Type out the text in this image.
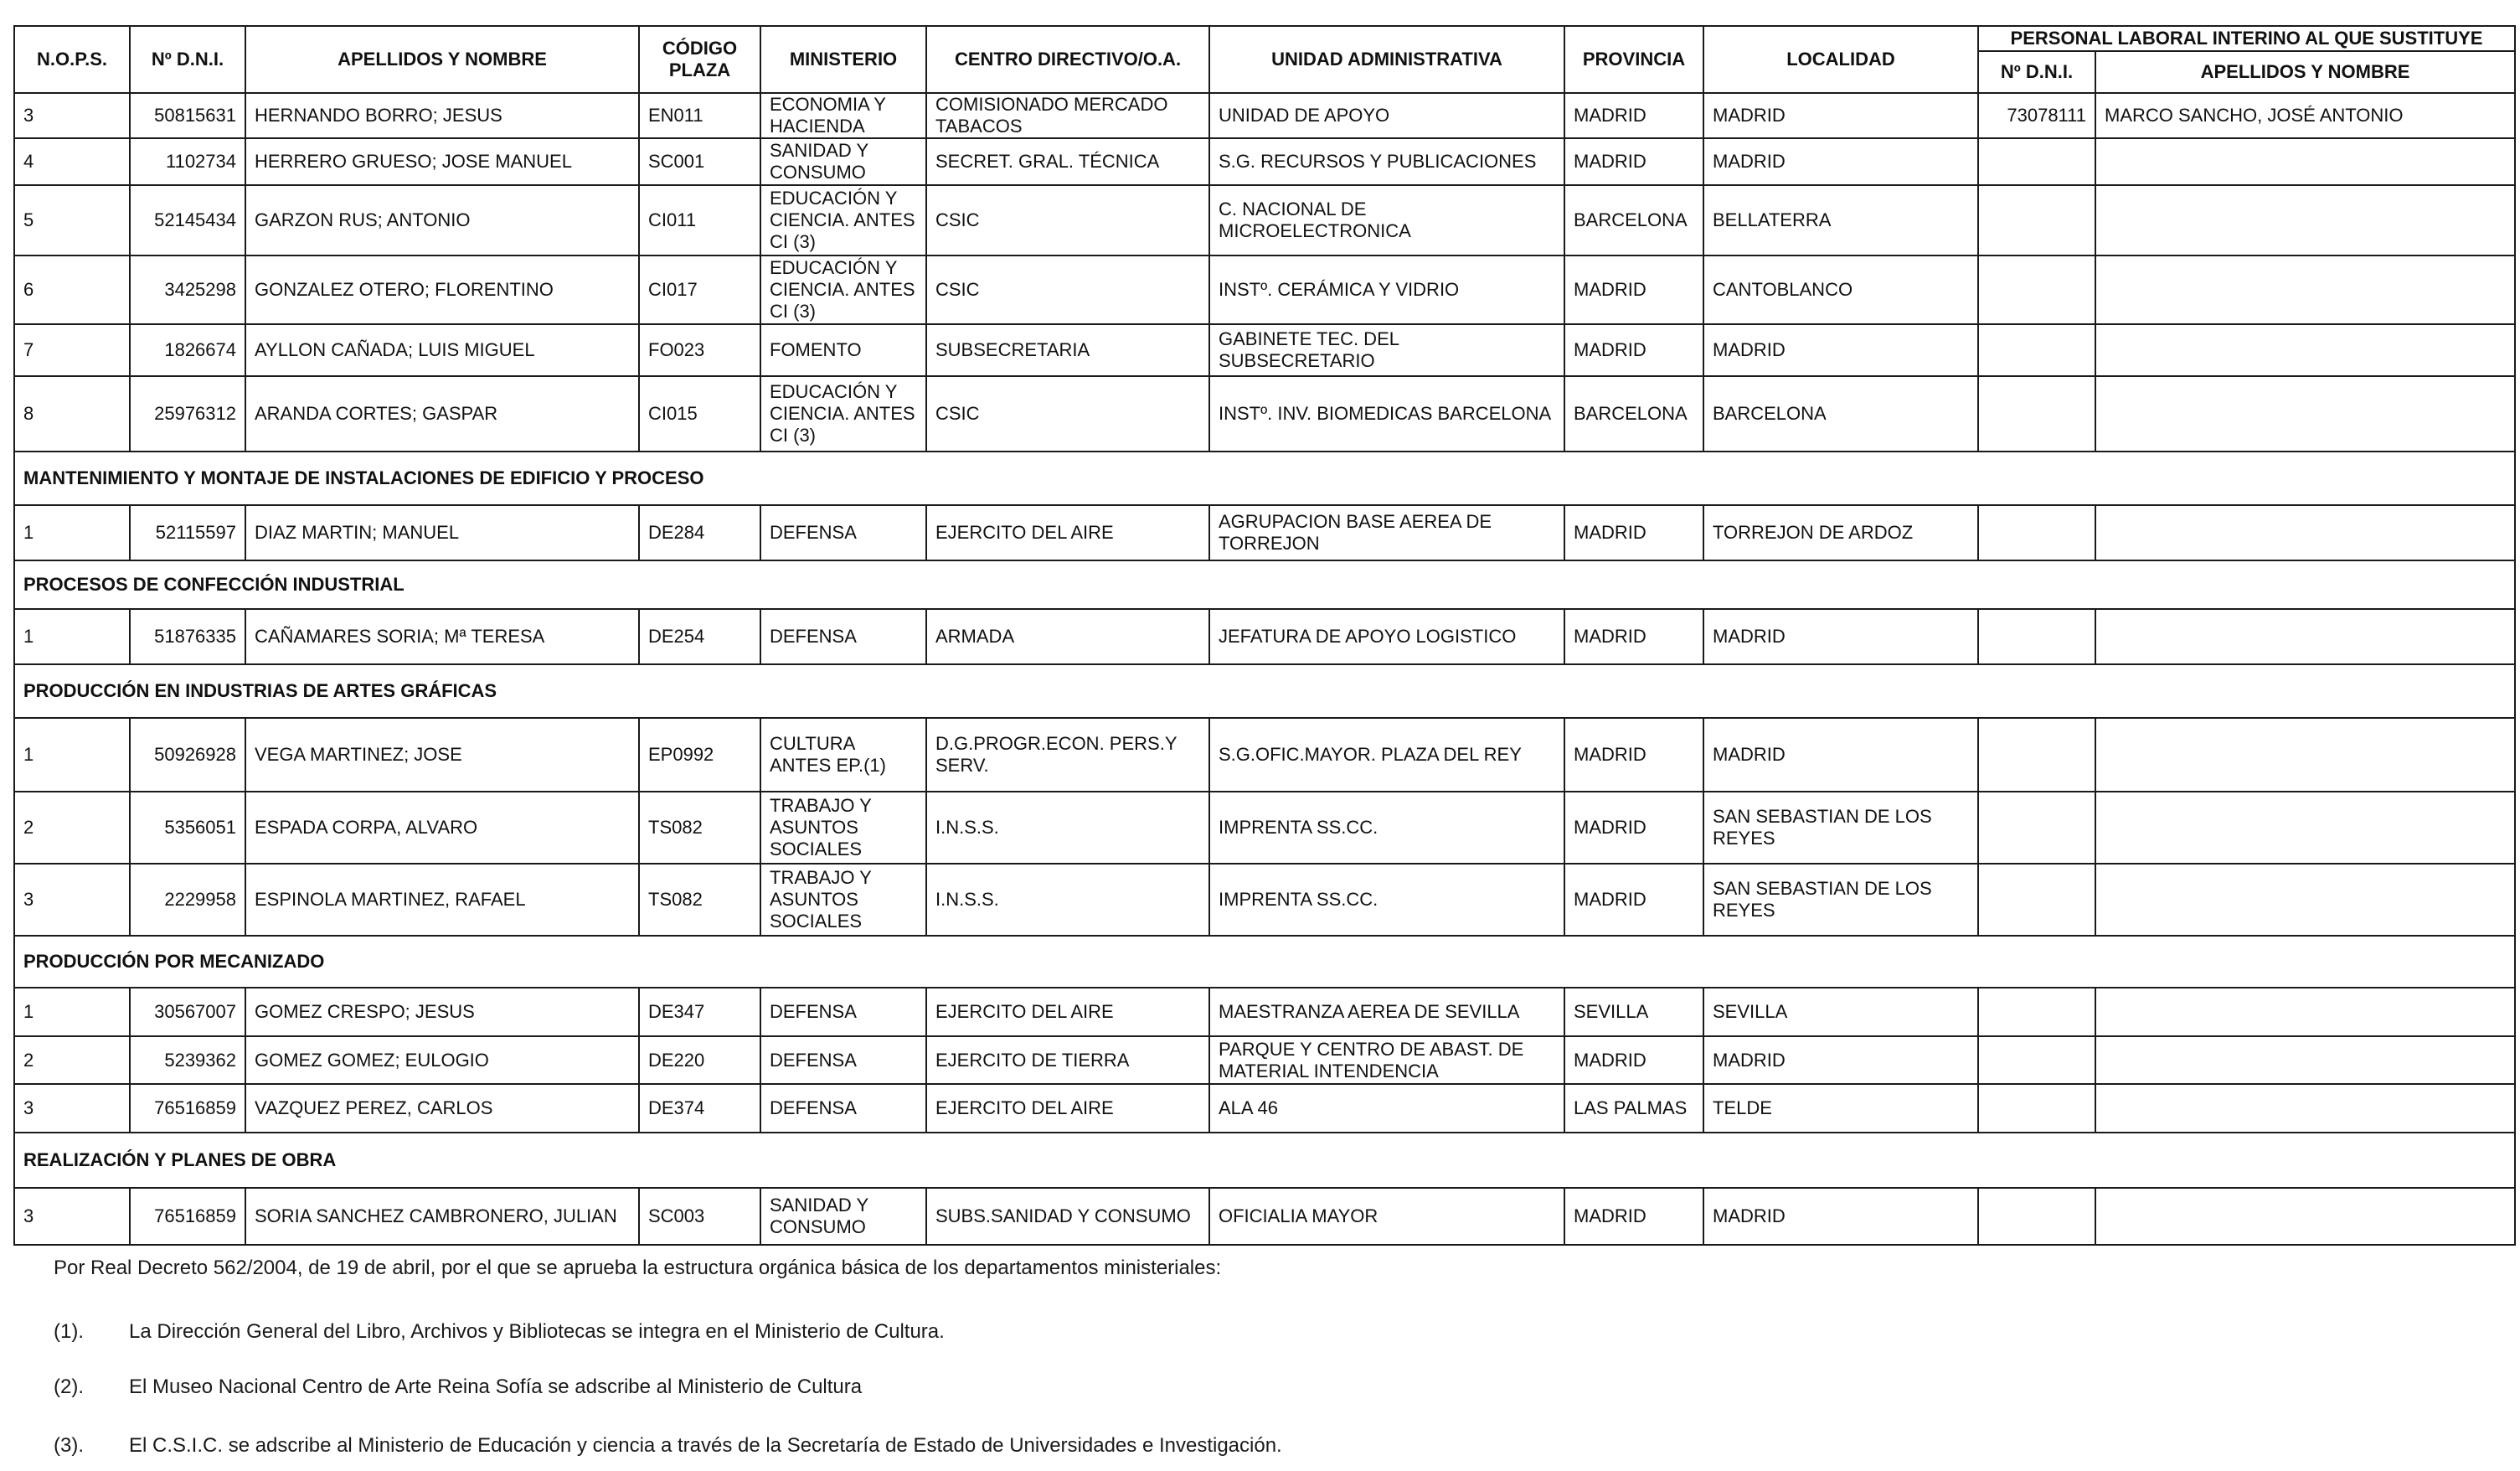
N.O.P.S.	Nº D.N.I.	APELLIDOS Y NOMBRE	CÓDIGO PLAZA	MINISTERIO	CENTRO DIRECTIVO/O.A.	UNIDAD ADMINISTRATIVA	PROVINCIA	LOCALIDAD	PERSONAL LABORAL INTERINO AL QUE SUSTITUYE	
									Nº D.N.I.	APELLIDOS Y NOMBRE
3	50815631	HERNANDO BORRO; JESUS	EN011	ECONOMIA Y HACIENDA	COMISIONADO MERCADO TABACOS	UNIDAD DE APOYO	MADRID	MADRID	73078111	MARCO SANCHO, JOSÉ ANTONIO
4	1102734	HERRERO GRUESO; JOSE MANUEL	SC001	SANIDAD Y CONSUMO	SECRET. GRAL. TÉCNICA	S.G. RECURSOS Y PUBLICACIONES	MADRID	MADRID		
5	52145434	GARZON RUS; ANTONIO	CI011	EDUCACIÓN Y CIENCIA. ANTES CI (3)	CSIC	C. NACIONAL DE MICROELECTRONICA	BARCELONA	BELLATERRA		
6	3425298	GONZALEZ OTERO; FLORENTINO	CI017	EDUCACIÓN Y CIENCIA. ANTES CI (3)	CSIC	INSTº. CERÁMICA Y VIDRIO	MADRID	CANTOBLANCO		
7	1826674	AYLLON CAÑADA; LUIS MIGUEL	FO023	FOMENTO	SUBSECRETARIA	GABINETE TEC. DEL SUBSECRETARIO	MADRID	MADRID		
8	25976312	ARANDA CORTES; GASPAR	CI015	EDUCACIÓN Y CIENCIA. ANTES CI (3)	CSIC	INSTº. INV. BIOMEDICAS BARCELONA	BARCELONA	BARCELONA		
MANTENIMIENTO Y MONTAJE DE INSTALACIONES DE EDIFICIO Y PROCESO										
1	52115597	DIAZ MARTIN; MANUEL	DE284	DEFENSA	EJERCITO DEL AIRE	AGRUPACION BASE AEREA DE TORREJON	MADRID	TORREJON DE ARDOZ		
PROCESOS DE CONFECCIÓN INDUSTRIAL										
1	51876335	CAÑAMARES SORIA; Mª TERESA	DE254	DEFENSA	ARMADA	JEFATURA DE APOYO LOGISTICO	MADRID	MADRID		
PRODUCCIÓN EN INDUSTRIAS DE ARTES GRÁFICAS										
1	50926928	VEGA MARTINEZ; JOSE	EP0992	CULTURA ANTES EP.(1)	D.G.PROGR.ECON. PERS.Y SERV.	S.G.OFIC.MAYOR. PLAZA DEL REY	MADRID	MADRID		
2	5356051	ESPADA CORPA, ALVARO	TS082	TRABAJO Y ASUNTOS SOCIALES	I.N.S.S.	IMPRENTA SS.CC.	MADRID	SAN SEBASTIAN DE LOS REYES		
3	2229958	ESPINOLA MARTINEZ, RAFAEL	TS082	TRABAJO Y ASUNTOS SOCIALES	I.N.S.S.	IMPRENTA SS.CC.	MADRID	SAN SEBASTIAN DE LOS REYES		
PRODUCCIÓN POR MECANIZADO										
1	30567007	GOMEZ CRESPO; JESUS	DE347	DEFENSA	EJERCITO DEL AIRE	MAESTRANZA AEREA DE SEVILLA	SEVILLA	SEVILLA		
2	5239362	GOMEZ GOMEZ; EULOGIO	DE220	DEFENSA	EJERCITO DE TIERRA	PARQUE Y CENTRO DE ABAST. DE MATERIAL INTENDENCIA	MADRID	MADRID		
3	76516859	VAZQUEZ PEREZ, CARLOS	DE374	DEFENSA	EJERCITO DEL AIRE	ALA 46	LAS PALMAS	TELDE		
REALIZACIÓN Y PLANES DE OBRA										
3	76516859	SORIA SANCHEZ CAMBRONERO, JULIAN	SC003	SANIDAD Y CONSUMO	SUBS.SANIDAD Y CONSUMO	OFICIALIA MAYOR	MADRID	MADRID		
Por Real Decreto 562/2004, de 19 de abril, por el que se aprueba la estructura orgánica básica de los departamentos ministeriales:
(1). La Dirección General del Libro, Archivos y Bibliotecas se integra en el Ministerio de Cultura.
(2). El Museo Nacional Centro de Arte Reina Sofía se adscribe al Ministerio de Cultura
(3). El C.S.I.C. se adscribe al Ministerio de Educación y ciencia a través de la Secretaría de Estado de Universidades e Investigación.
